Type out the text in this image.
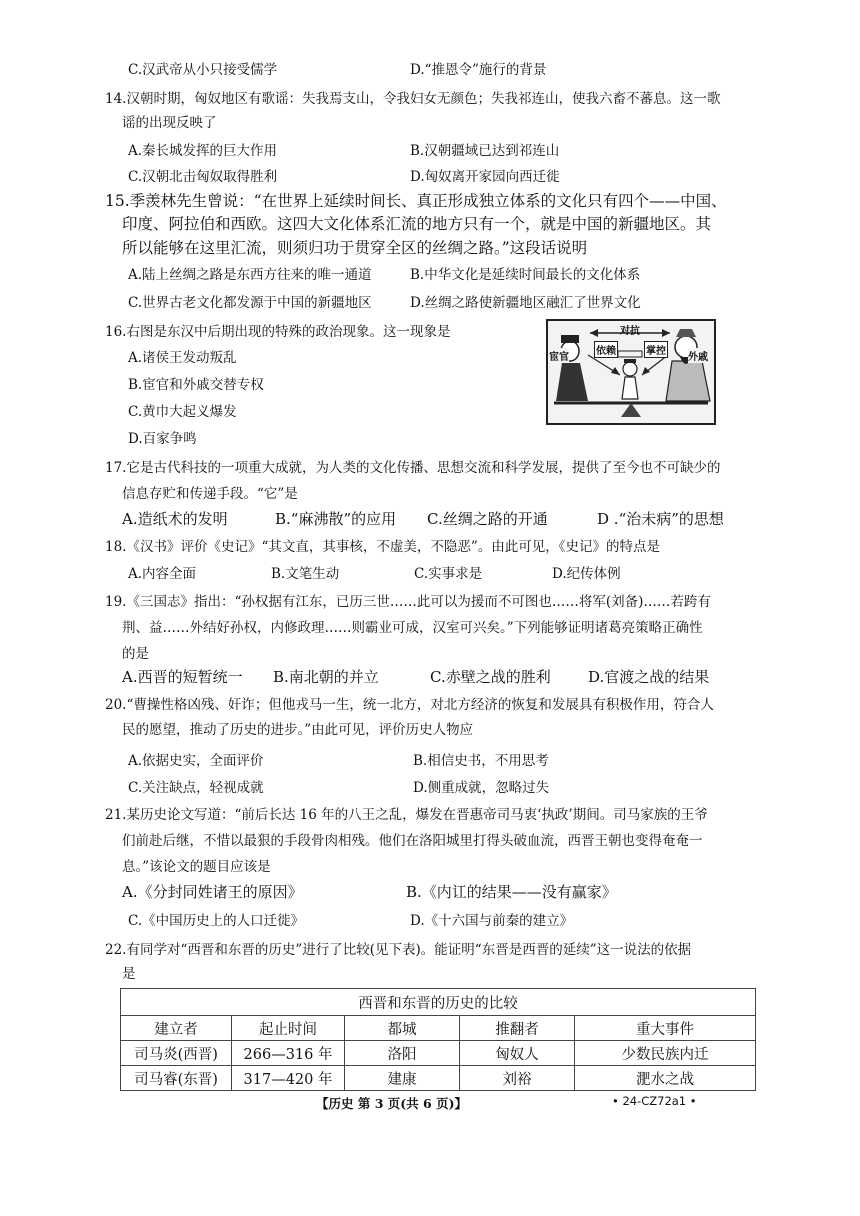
C.汉武帝从小只接受儒学	D.“推恩令”施行的背景
14.汉朝时期，匈奴地区有歌谣：失我焉支山，令我妇女无颜色；失我祁连山，使我六畜不蕃息。这一歌
谣的出现反映了
A.秦长城发挥的巨大作用	B.汉朝疆域已达到祁连山
C.汉朝北击匈奴取得胜利	D.匈奴离开家园向西迁徙
15.季羡林先生曾说：“在世界上延续时间长、真正形成独立体系的文化只有四个——中国、
印度、阿拉伯和西欧。这四大文化体系汇流的地方只有一个，就是中国的新疆地区。其
所以能够在这里汇流，则须归功于贯穿全区的丝绸之路。”这段话说明
A.陆上丝绸之路是东西方往来的唯一通道	B.中华文化是延续时间最长的文化体系
C.世界古老文化都发源于中国的新疆地区	D.丝绸之路使新疆地区融汇了世界文化
16.右图是东汉中后期出现的特殊的政治现象。这一现象是
A.诸侯王发动叛乱
B.宦官和外戚交替专权
C.黄巾大起义爆发
D.百家争鸣
对抗
宦官	外戚
依赖	掌控
17.它是古代科技的一项重大成就，为人类的文化传播、思想交流和科学发展，提供了至今也不可缺少的
信息存贮和传递手段。“它”是
A.造纸术的发明	B.“麻沸散”的应用 C.丝绸之路的开通	D .“治未病”的思想
18.《汉书》评价《史记》“其文直，其事核，不虚美，不隐恶”。由此可见，《史记》的特点是
A.内容全面	B.文笔生动	C.实事求是	D.纪传体例
19.《三国志》指出：“孙权据有江东，已历三世……此可以为援而不可图也……将军(刘备)……若跨有
荆、益……外结好孙权，内修政理……则霸业可成，汉室可兴矣。”下列能够证明诸葛亮策略正确性
的是
A.西晋的短暂统一 B.南北朝的并立	C.赤壁之战的胜利 D.官渡之战的结果
20.“曹操性格凶残、奸诈；但他戎马一生，统一北方，对北方经济的恢复和发展具有积极作用，符合人
民的愿望，推动了历史的进步。”由此可见，评价历史人物应
A.依据史实，全面评价	B.相信史书，不用思考
C.关注缺点，轻视成就	D.侧重成就，忽略过失
21.某历史论文写道：“前后长达 16 年的八王之乱，爆发在晋惠帝司马衷‘执政’期间。司马家族的王爷
们前赴后继，不惜以最狠的手段骨肉相残。他们在洛阳城里打得头破血流，西晋王朝也变得奄奄一
息。”该论文的题目应该是
A.《分封同姓诸王的原因》	B.《内讧的结果——没有赢家》
C.《中国历史上的人口迁徙》	D.《十六国与前秦的建立》
22.有同学对“西晋和东晋的历史”进行了比较(见下表)。能证明“东晋是西晋的延续”这一说法的依据
是
西晋和东晋的历史的比较				
建立者	起止时间	都城	推翻者	重大事件
司马炎(西晋)	266—316 年	洛阳	匈奴人	少数民族内迁
司马睿(东晋)	317—420 年	建康	刘裕	淝水之战
【历史 第 3 页(共 6 页)】	• 24-CZ72a1 •
